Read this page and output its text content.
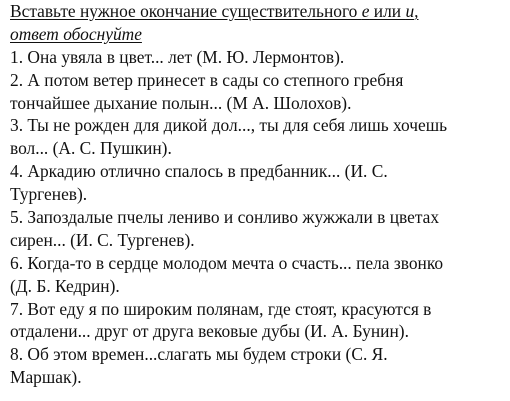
Вставьте нужное окончание существительного е или и,
ответ обоснуйте
1. Она увяла в цвет... лет (М. Ю. Лермонтов).
2. А потом ветер принесет в сады со степного гребня
тончайшее дыхание полын... (М А. Шолохов).
3. Ты не рожден для дикой дол..., ты для себя лишь хочешь
вол... (А. С. Пушкин).
4. Аркадию отлично спалось в предбанник... (И. С.
Тургенев).
5. Запоздалые пчелы лениво и сонливо жужжали в цветах
сирен... (И. С. Тургенев).
6. Когда-то в сердце молодом мечта о счасть... пела звонко
(Д. Б. Кедрин).
7. Вот еду я по широким полянам, где стоят, красуются в
отдалени... друг от друга вековые дубы (И. А. Бунин).
8. Об этом времен...слагать мы будем строки (С. Я.
Маршак).
